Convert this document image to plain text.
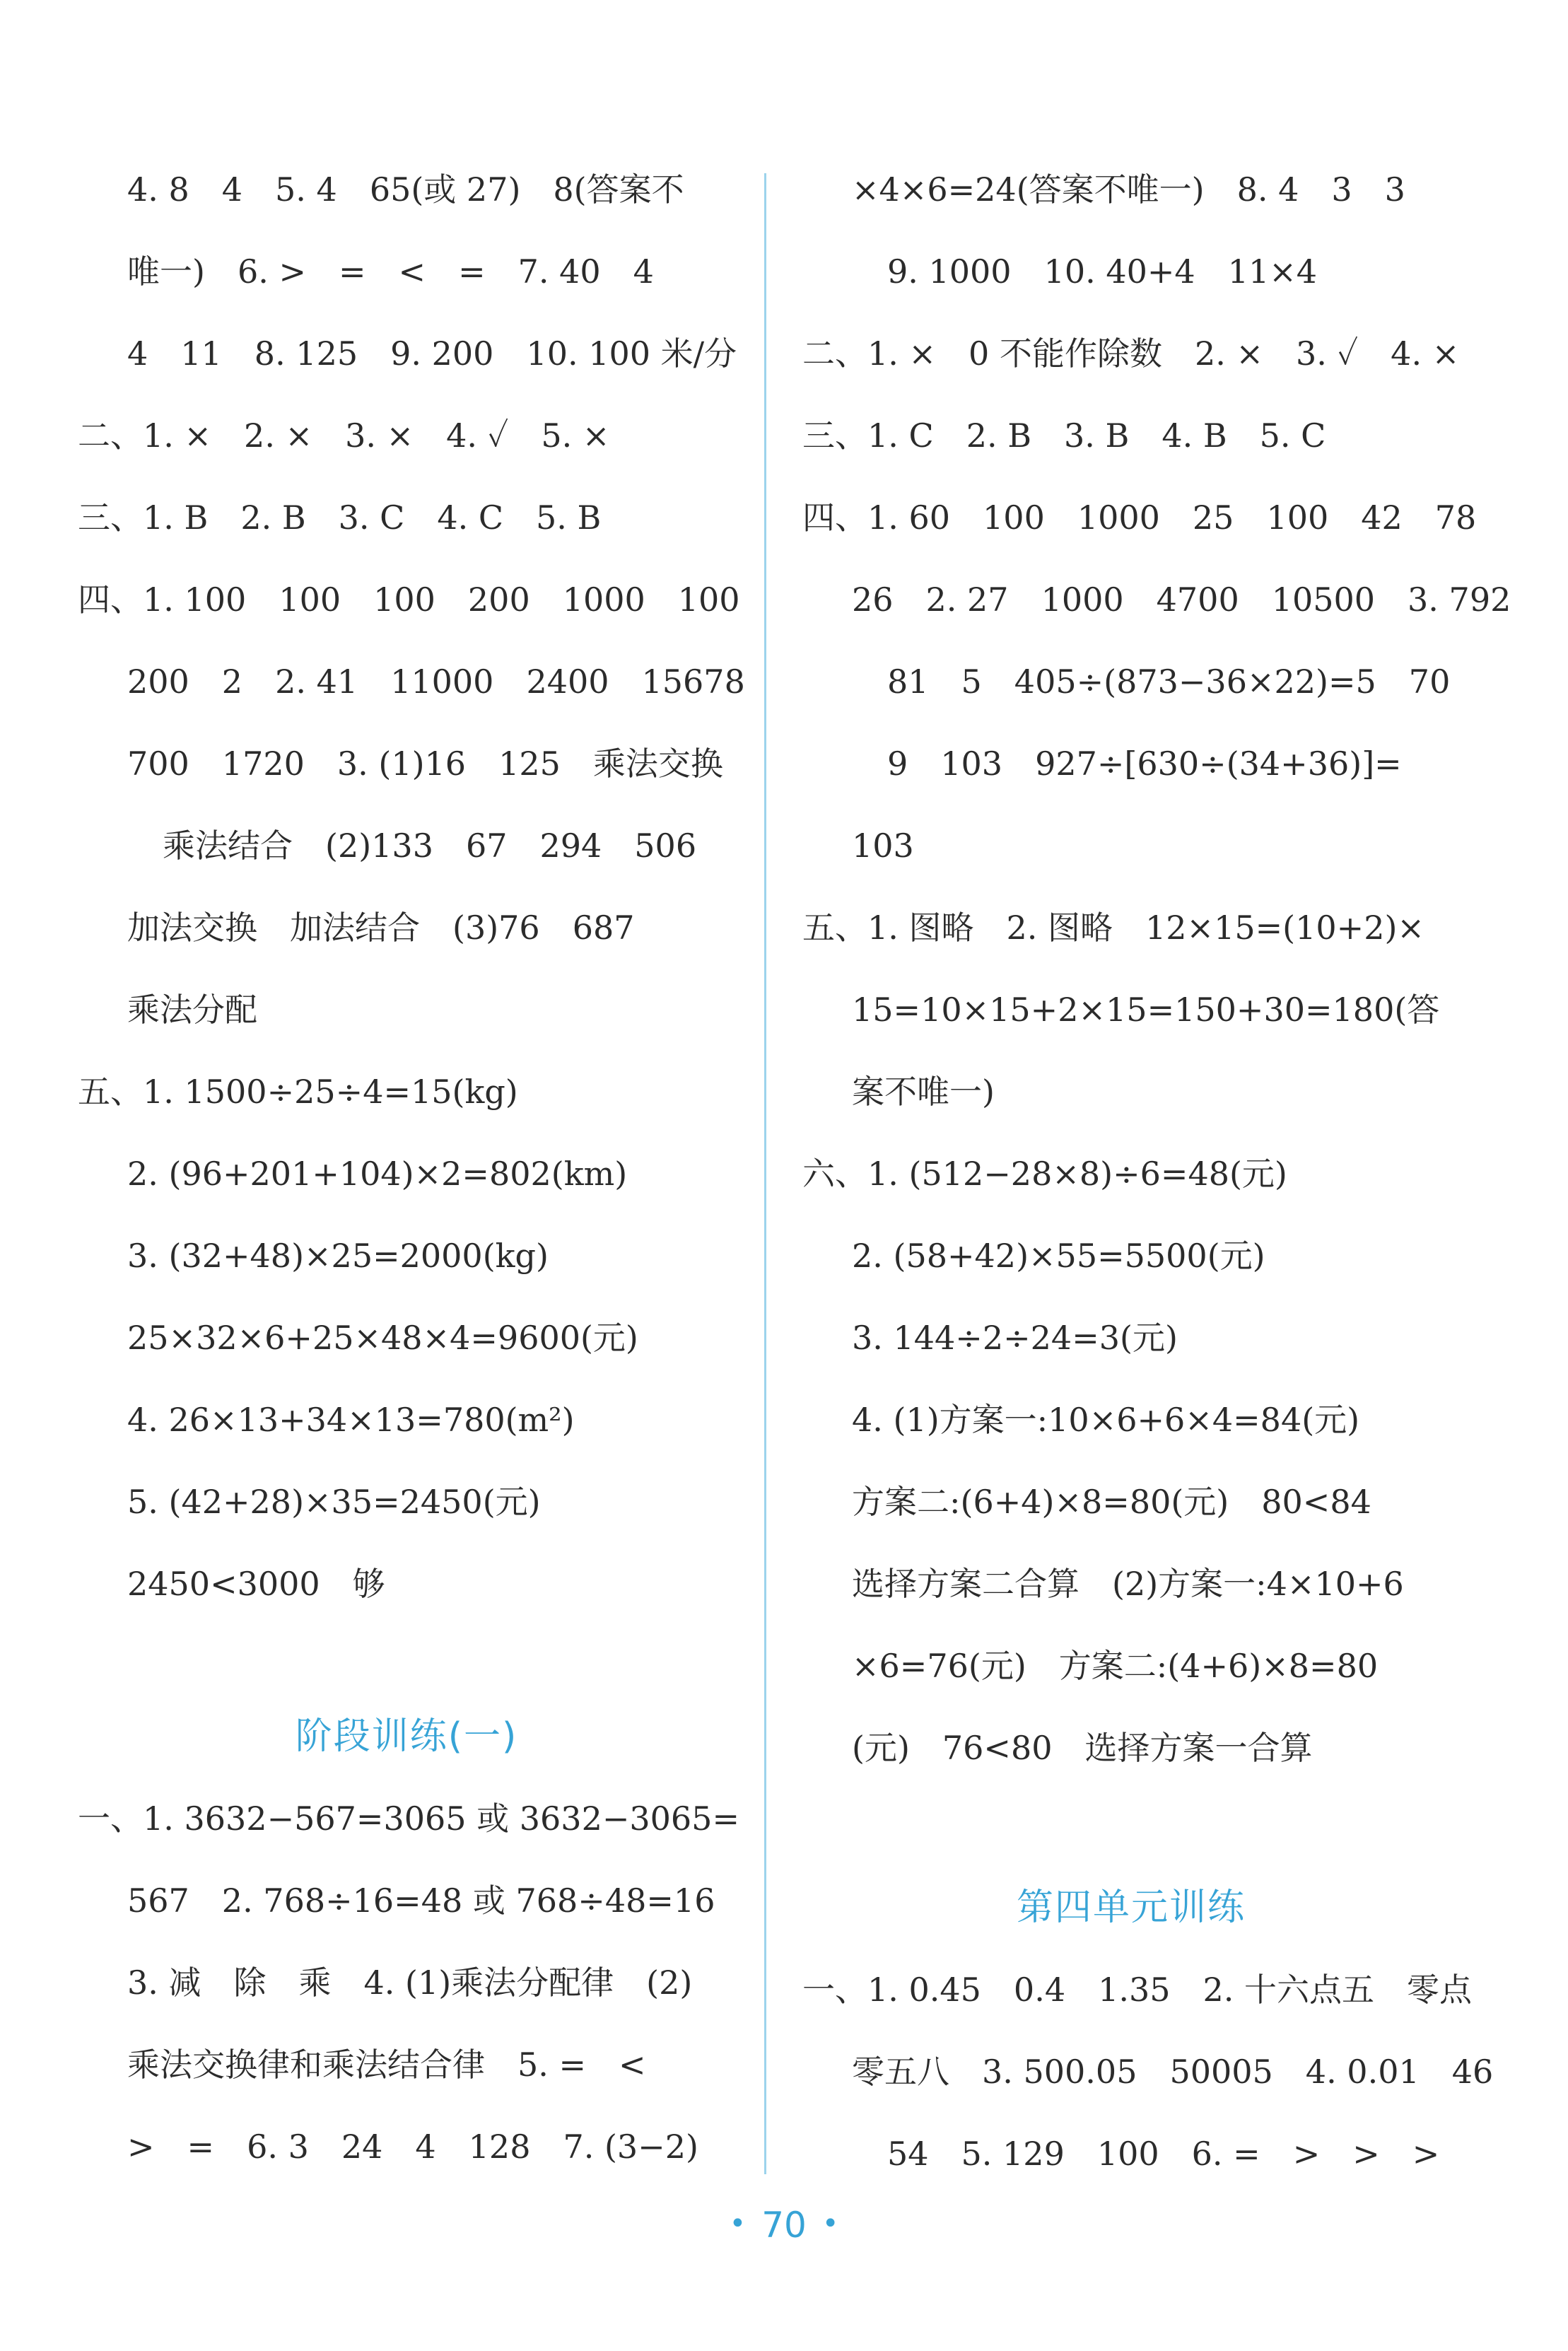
4. 8　4　5. 4　65(或 27)　8(答案不
唯一)　6. >　=　<　=　7. 40　4
4　11　8. 125　9. 200　10. 100 米/分
二、1. ×　2. ×　3. ×　4. ✓　5. ×
三、1. B　2. B　3. C　4. C　5. B
四、1. 100　100　100　200　1000　100
200　2　2. 41　11000　2400　15678
700　1720　3. (1)16　125　乘法交换
乘法结合　(2)133　67　294　506
加法交换　加法结合　(3)76　687
乘法分配
五、1. 1500÷25÷4=15(kg)
2. (96+201+104)×2=802(km)
3. (32+48)×25=2000(kg)
25×32×6+25×48×4=9600(元)
4. 26×13+34×13=780(m²)
5. (42+28)×35=2450(元)
2450<3000　够
阶段训练(一)
一、1. 3632−567=3065 或 3632−3065=
567　2. 768÷16=48 或 768÷48=16
3. 减　除　乘　4. (1)乘法分配律　(2)
乘法交换律和乘法结合律　5. =　<
>　=　6. 3　24　4　128　7. (3−2)
×4×6=24(答案不唯一)　8. 4　3　3
9. 1000　10. 40+4　11×4
二、1. ×　0 不能作除数　2. ×　3. ✓　4. ×
三、1. C　2. B　3. B　4. B　5. C
四、1. 60　100　1000　25　100　42　78
26　2. 27　1000　4700　10500　3. 792
81　5　405÷(873−36×22)=5　70
9　103　927÷[630÷(34+36)]=
103
五、1. 图略　2. 图略　12×15=(10+2)×
15=10×15+2×15=150+30=180(答
案不唯一)
六、1. (512−28×8)÷6=48(元)
2. (58+42)×55=5500(元)
3. 144÷2÷24=3(元)
4. (1)方案一:10×6+6×4=84(元)
方案二:(6+4)×8=80(元)　80<84
选择方案二合算　(2)方案一:4×10+6
×6=76(元)　方案二:(4+6)×8=80
(元)　76<80　选择方案一合算
第四单元训练
一、1. 0.45　0.4　1.35　2. 十六点五　零点
零五八　3. 500.05　50005　4. 0.01　46
54　5. 129　100　6. =　>　>　>
• 70 •
